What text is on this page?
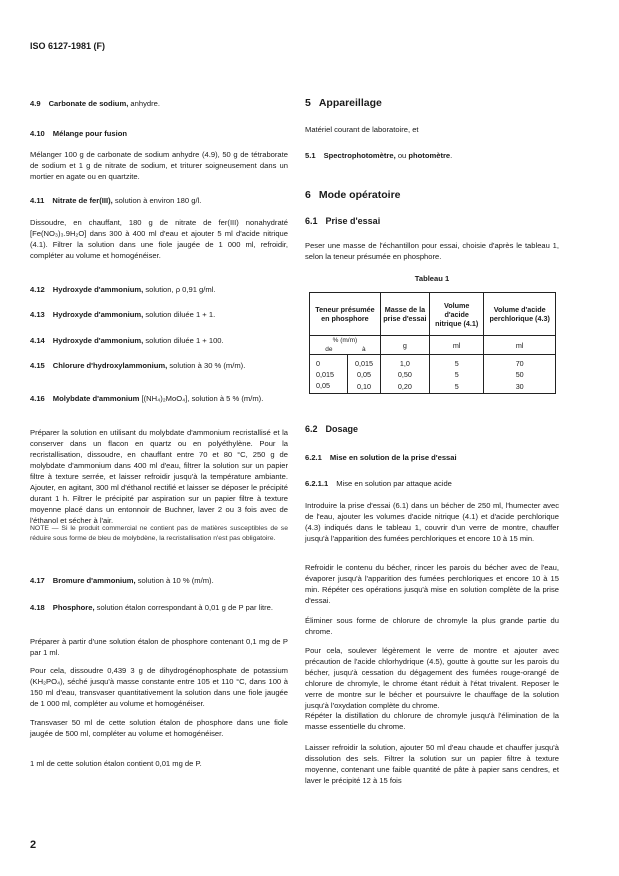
ISO 6127-1981 (F)
4.9 Carbonate de sodium, anhydre.
4.10 Mélange pour fusion
Mélanger 100 g de carbonate de sodium anhydre (4.9), 50 g de tétraborate de sodium et 1 g de nitrate de sodium, et triturer soigneusement dans un mortier en agate ou en quartzite.
4.11 Nitrate de fer(III), solution à environ 180 g/l.
Dissoudre, en chauffant, 180 g de nitrate de fer(III) nonahydraté [Fe(NO₃)₃.9H₂O] dans 300 à 400 ml d'eau et ajouter 5 ml d'acide nitrique (4.1). Filtrer la solution dans une fiole jaugée de 1 000 ml, refroidir, compléter au volume et homogénéiser.
4.12 Hydroxyde d'ammonium, solution, ρ 0,91 g/ml.
4.13 Hydroxyde d'ammonium, solution diluée 1 + 1.
4.14 Hydroxyde d'ammonium, solution diluée 1 + 100.
4.15 Chlorure d'hydroxylammonium, solution à 30 % (m/m).
4.16 Molybdate d'ammonium [(NH₄)₂MoO₄], solution à 5 % (m/m).
Préparer la solution en utilisant du molybdate d'ammonium recristallisé et la conserver dans un flacon en quartz ou en polyéthylène. Pour la recristallisation, dissoudre, en chauffant entre 70 et 80 °C, 250 g de molybdate d'ammonium dans 400 ml d'eau, filtrer la solution sur un papier filtre à texture serrée, et laisser refroidir jusqu'à la température ambiante. Ajouter, en agitant, 300 ml d'éthanol rectifié et laisser se déposer le précipité durant 1 h. Filtrer le précipité par aspiration sur un papier filtre à texture moyenne placé dans un entonnoir de Buchner, laver 2 ou 3 fois avec de l'éthanol et sécher à l'air.
NOTE — Si le produit commercial ne contient pas de matières susceptibles de se réduire sous forme de bleu de molybdène, la recristallisation n'est pas obligatoire.
4.17 Bromure d'ammonium, solution à 10 % (m/m).
4.18 Phosphore, solution étalon correspondant à 0,01 g de P par litre.
Préparer à partir d'une solution étalon de phosphore contenant 0,1 mg de P par 1 ml.
Pour cela, dissoudre 0,439 3 g de dihydrogénophosphate de potassium (KH₂PO₄), séché jusqu'à masse constante entre 105 et 110 °C, dans 100 à 150 ml d'eau, transvaser quantitativement la solution dans une fiole jaugée de 1 000 ml, compléter au volume et homogénéiser.
Transvaser 50 ml de cette solution étalon de phosphore dans une fiole jaugée de 500 ml, compléter au volume et homogénéiser.
1 ml de cette solution étalon contient 0,01 mg de P.
2
5 Appareillage
Matériel courant de laboratoire, et
5.1 Spectrophotomètre, ou photomètre.
6 Mode opératoire
6.1 Prise d'essai
Peser une masse de l'échantillon pour essai, choisie d'après le tableau 1, selon la teneur présumée en phosphore.
Tableau 1
Teneur présumée en phosphore		Masse de la prise d'essai	Volume d'acide nitrique (4.1)	Volume d'acide perchlorique (4.3)
% (m/m)		g	ml	ml
de	à			
0	0,015	1,0	5	70
0,015	0,05	0,50	5	50
0,05	0,10	0,20	5	30
6.2 Dosage
6.2.1 Mise en solution de la prise d'essai
6.2.1.1 Mise en solution par attaque acide
Introduire la prise d'essai (6.1) dans un bécher de 250 ml, l'humecter avec de l'eau, ajouter les volumes d'acide nitrique (4.1) et d'acide perchlorique (4.3) indiqués dans le tableau 1, couvrir d'un verre de montre, chauffer jusqu'à l'apparition des fumées perchloriques et encore 10 à 15 min.
Refroidir le contenu du bécher, rincer les parois du bécher avec de l'eau, évaporer jusqu'à l'apparition des fumées perchloriques et encore 10 à 15 min. Répéter ces opérations jusqu'à mise en solution complète de la prise d'essai.
Éliminer sous forme de chlorure de chromyle la plus grande partie du chrome.
Pour cela, soulever légèrement le verre de montre et ajouter avec précaution de l'acide chlorhydrique (4.5), goutte à goutte sur les parois du bécher, jusqu'à cessation du dégagement des fumées rouge-orangé de chlorure de chromyle, le chrome étant réduit à l'état trivalent. Reposer le verre de montre sur le bécher et poursuivre le chauffage de la solution jusqu'à l'oxydation complète du chrome.
Répéter la distillation du chlorure de chromyle jusqu'à l'élimination de la masse essentielle du chrome.
Laisser refroidir la solution, ajouter 50 ml d'eau chaude et chauffer jusqu'à dissolution des sels. Filtrer la solution sur un papier filtre à texture moyenne, contenant une faible quantité de pâte à papier sans cendres, et laver le précipité 12 à 15 fois
